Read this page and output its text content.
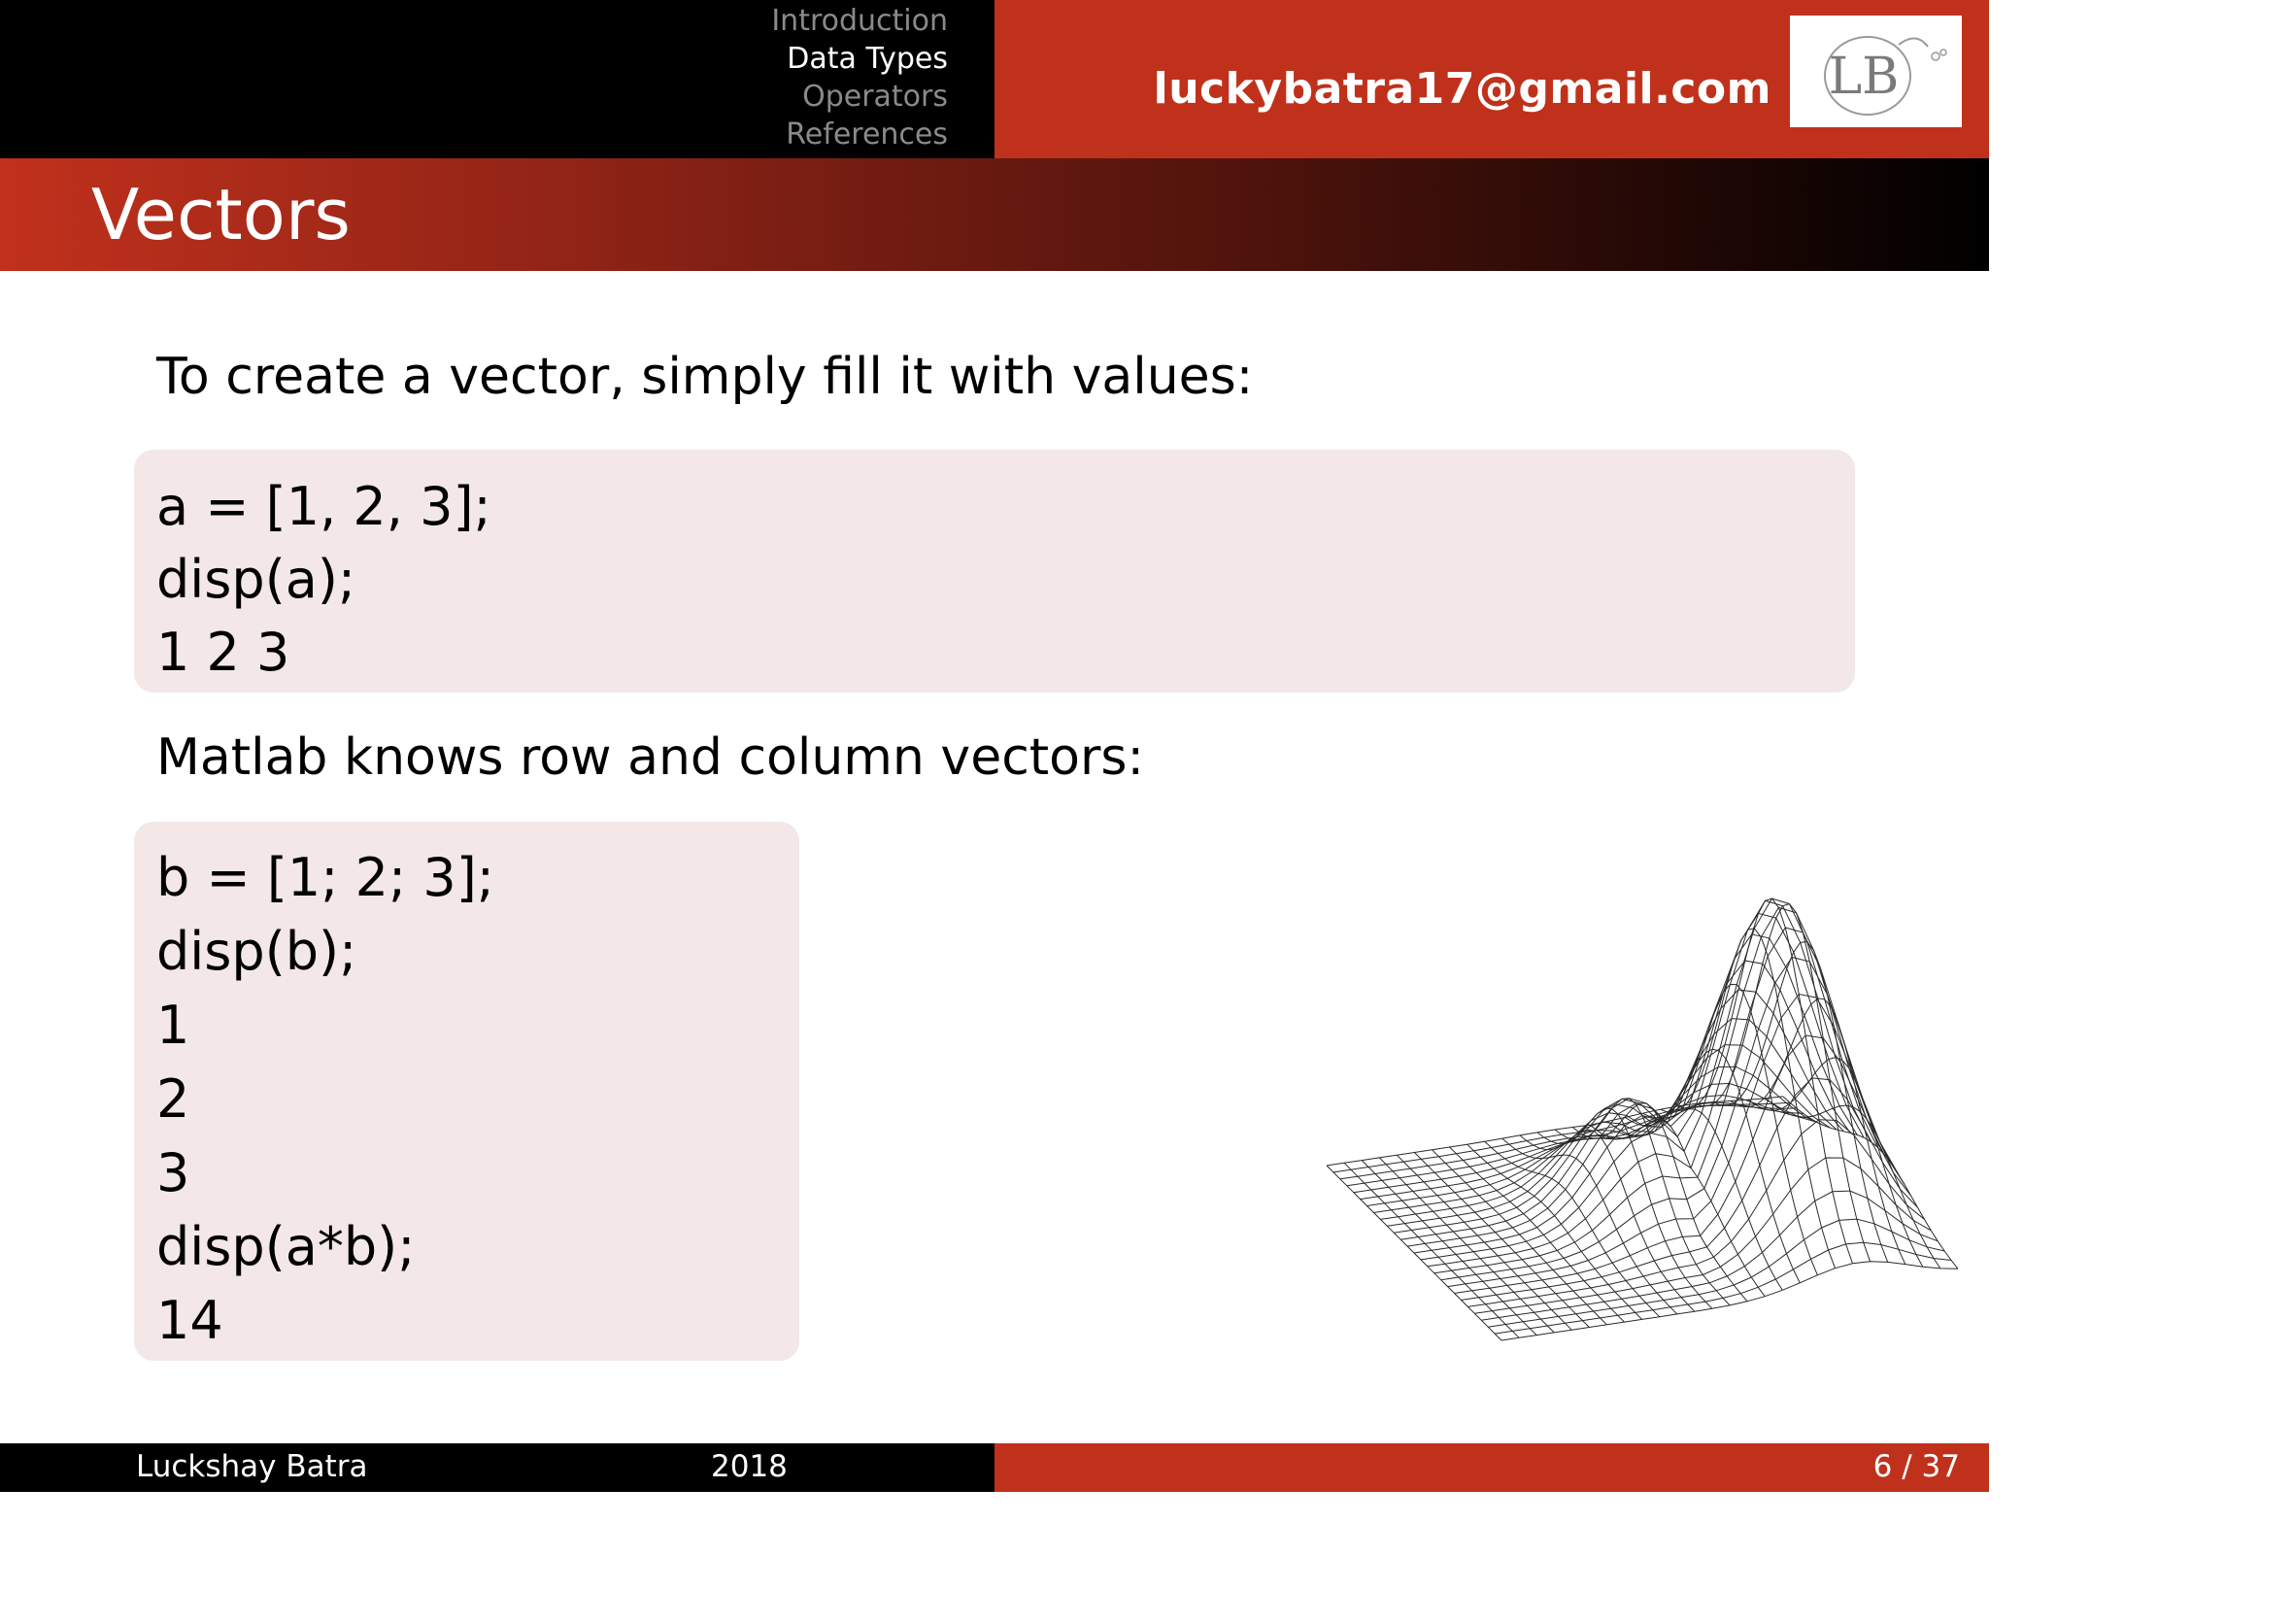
Introduction
Data Types
Operators
References
luckybatra17@gmail.com LB
Vectors
To create a vector, simply fill it with values:
a = [1, 2, 3];
disp(a);
1 2 3
Matlab knows row and column vectors:
b = [1; 2; 3];
disp(b);
1
2
3
disp(a*b);
14
Luckshay Batra	2018	Matlab - Data Types and Operators
6 / 37
